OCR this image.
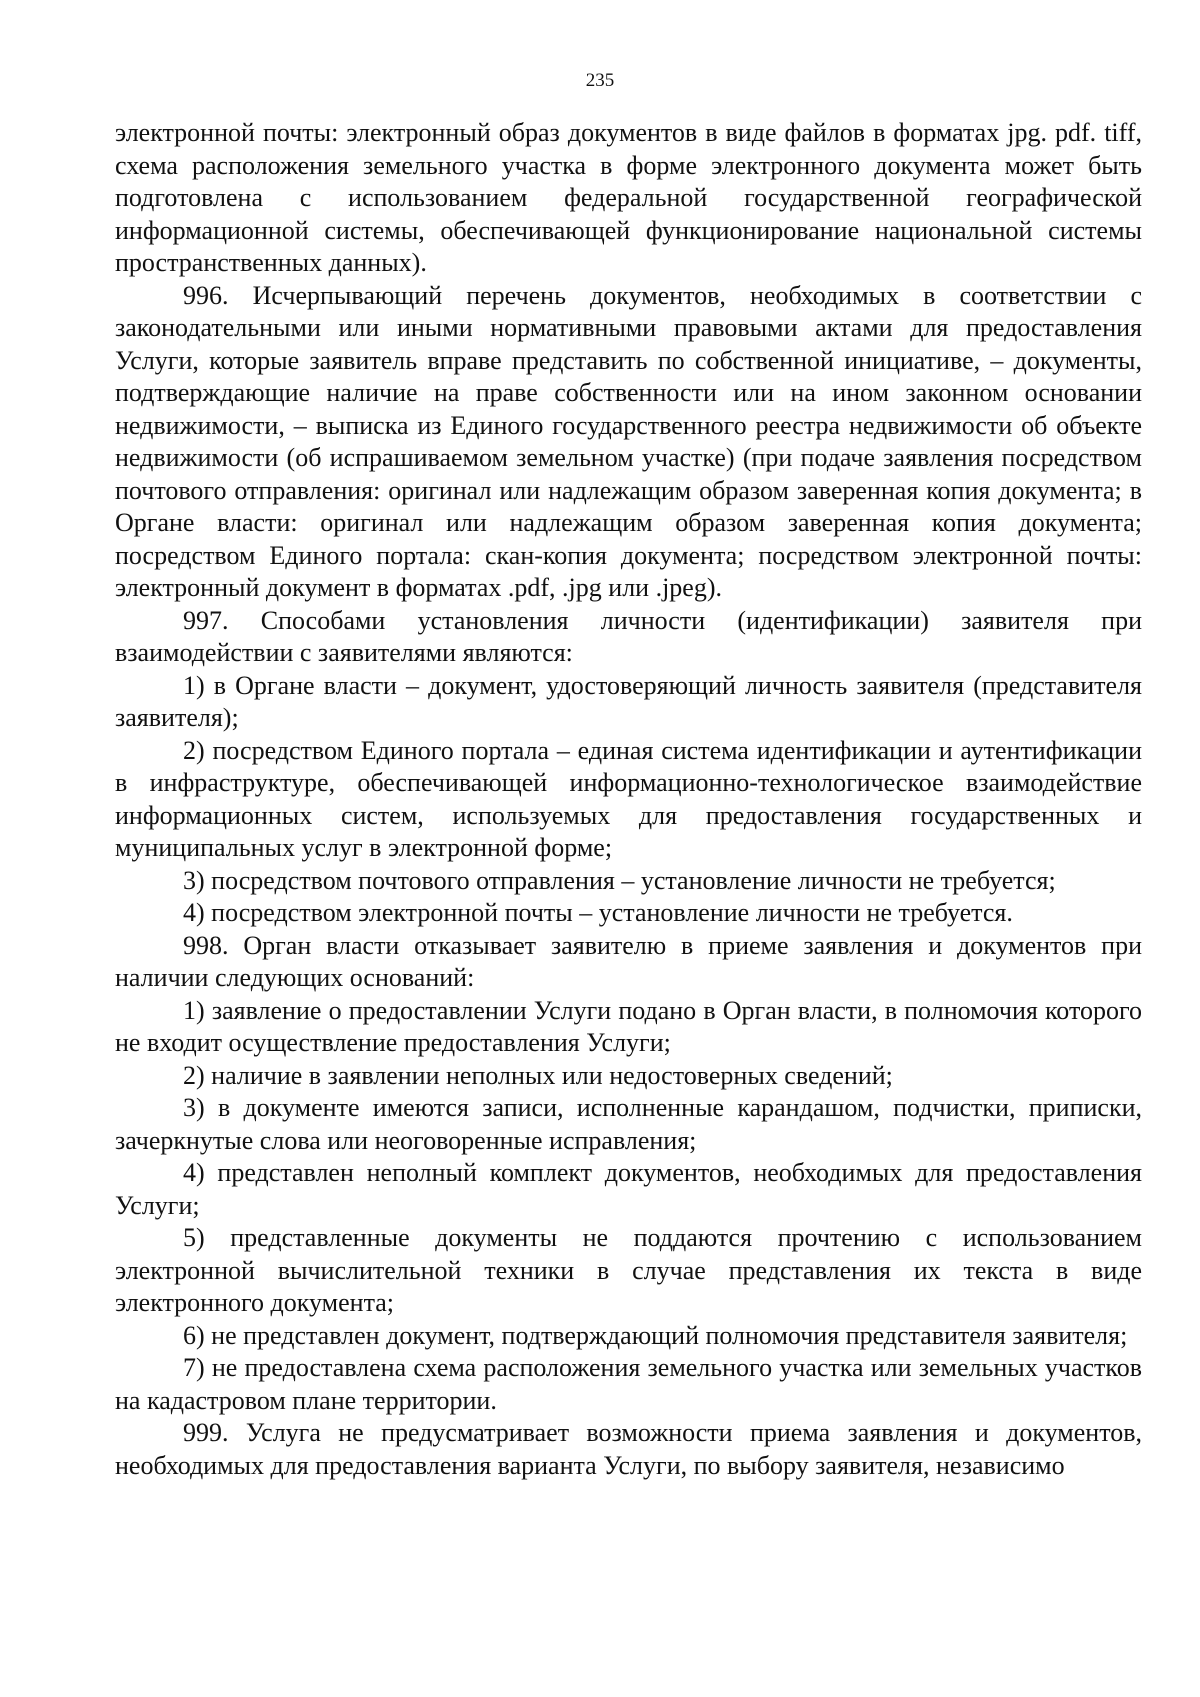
235

электронной почты: электронный образ документов в виде файлов в форматах jpg. pdf. tiff, схема расположения земельного участка в форме электронного документа может быть подготовлена с использованием федеральной государственной географической информационной системы, обеспечивающей функционирование национальной системы пространственных данных).

996. Исчерпывающий перечень документов, необходимых в соответствии с законодательными или иными нормативными правовыми актами для предоставления Услуги, которые заявитель вправе представить по собственной инициативе, – документы, подтверждающие наличие на праве собственности или на ином законном основании недвижимости, – выписка из Единого государственного реестра недвижимости об объекте недвижимости (об испрашиваемом земельном участке) (при подаче заявления посредством почтового отправления: оригинал или надлежащим образом заверенная копия документа; в Органе власти: оригинал или надлежащим образом заверенная копия документа; посредством Единого портала: скан-копия документа; посредством электронной почты: электронный документ в форматах .pdf, .jpg или .jpeg).

997. Способами установления личности (идентификации) заявителя при взаимодействии с заявителями являются:

1) в Органе власти – документ, удостоверяющий личность заявителя (представителя заявителя);

2) посредством Единого портала – единая система идентификации и аутентификации в инфраструктуре, обеспечивающей информационно-технологическое взаимодействие информационных систем, используемых для предоставления государственных и муниципальных услуг в электронной форме;

3) посредством почтового отправления – установление личности не требуется;

4) посредством электронной почты – установление личности не требуется.

998. Орган власти отказывает заявителю в приеме заявления и документов при наличии следующих оснований:

1) заявление о предоставлении Услуги подано в Орган власти, в полномочия которого не входит осуществление предоставления Услуги;

2) наличие в заявлении неполных или недостоверных сведений;

3) в документе имеются записи, исполненные карандашом, подчистки, приписки, зачеркнутые слова или неоговоренные исправления;

4) представлен неполный комплект документов, необходимых для предоставления Услуги;

5) представленные документы не поддаются прочтению с использованием электронной вычислительной техники в случае представления их текста в виде электронного документа;

6) не представлен документ, подтверждающий полномочия представителя заявителя;

7) не предоставлена схема расположения земельного участка или земельных участков на кадастровом плане территории.

999. Услуга не предусматривает возможности приема заявления и документов, необходимых для предоставления варианта Услуги, по выбору заявителя, независимо
